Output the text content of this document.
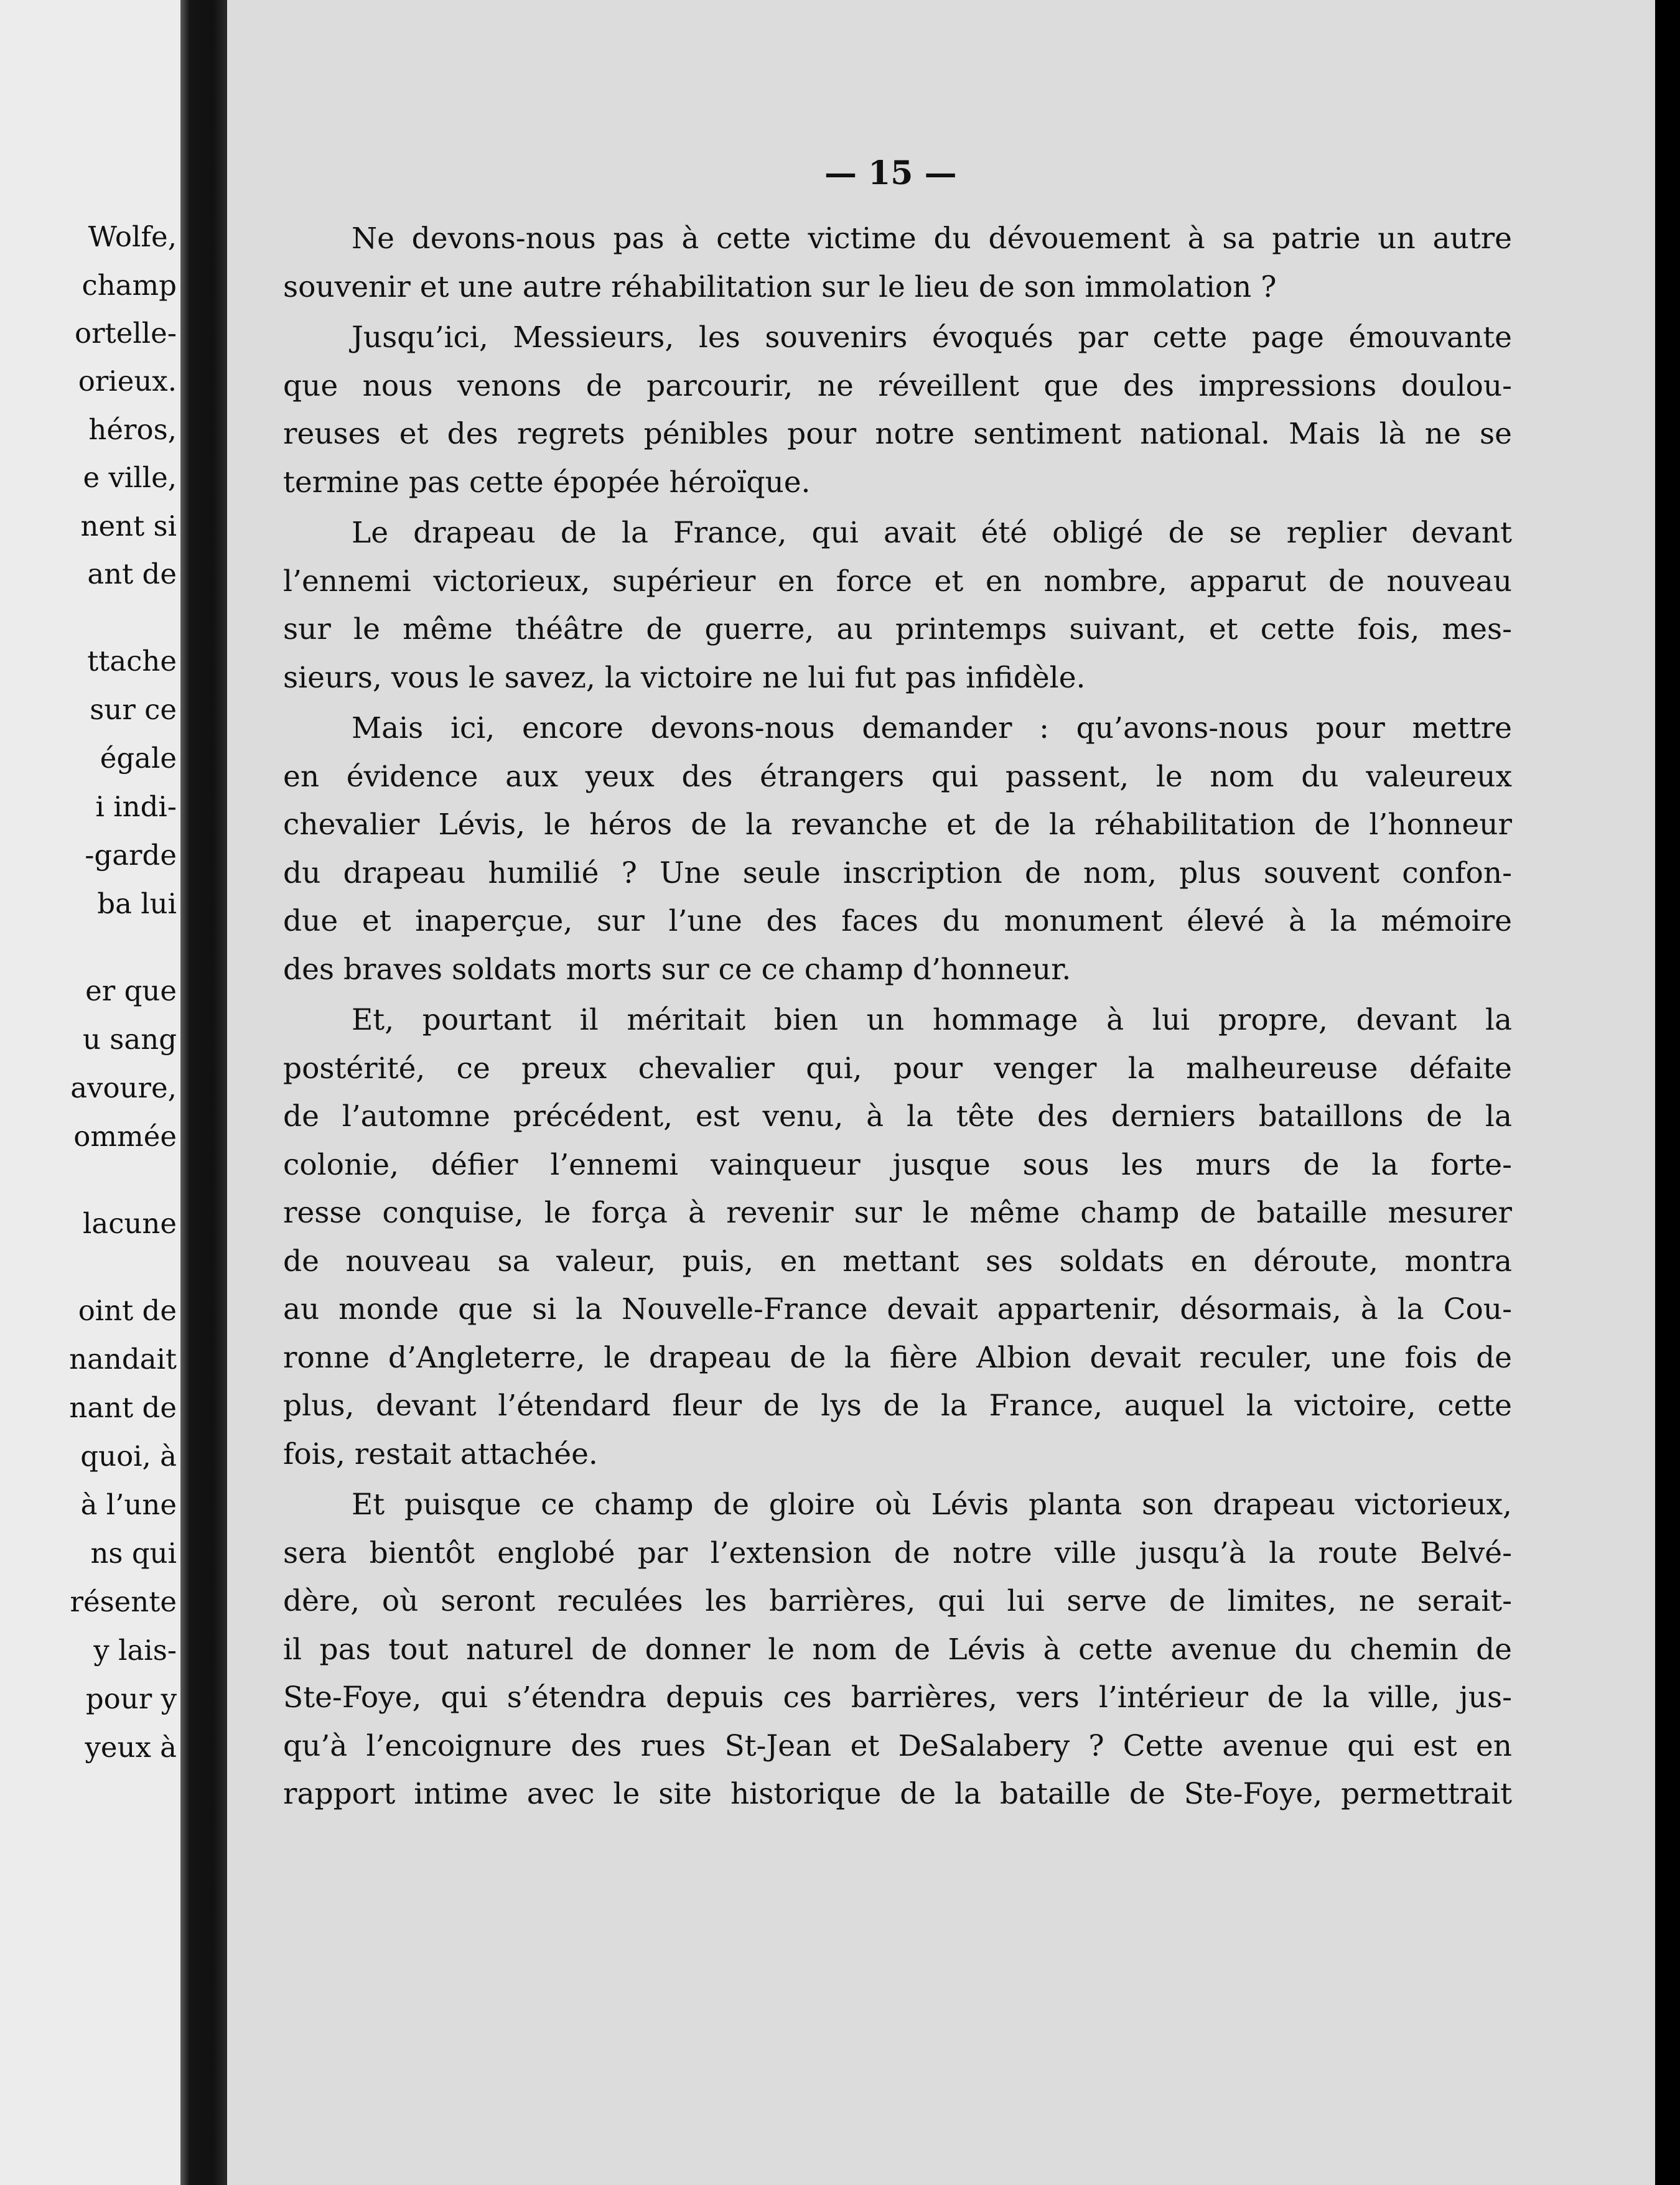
Wolfe,
champ
ortelle-
orieux.
héros,
e ville,
nent si
ant de
ttache
sur ce
égale
i indi-
-garde
ba lui
er que
u sang
avoure,
ommée
lacune
oint de
nandait
nant de
quoi, à
à l’une
ns qui
résente
y lais-
pour y
yeux à
— 15 —
Ne devons-nous pas à cette victime du dévouement à sa patrie un autre
souvenir et une autre réhabilitation sur le lieu de son immolation ?
Jusqu’ici, Messieurs, les souvenirs évoqués par cette page émouvante
que nous venons de parcourir, ne réveillent que des impressions doulou-
reuses et des regrets pénibles pour notre sentiment national. Mais là ne se
termine pas cette épopée héroïque.
Le drapeau de la France, qui avait été obligé de se replier devant
l’ennemi victorieux, supérieur en force et en nombre, apparut de nouveau
sur le même théâtre de guerre, au printemps suivant, et cette fois, mes-
sieurs, vous le savez, la victoire ne lui fut pas infidèle.
Mais ici, encore devons-nous demander : qu’avons-nous pour mettre
en évidence aux yeux des étrangers qui passent, le nom du valeureux
chevalier Lévis, le héros de la revanche et de la réhabilitation de l’honneur
du drapeau humilié ? Une seule inscription de nom, plus souvent confon-
due et inaperçue, sur l’une des faces du monument élevé à la mémoire
des braves soldats morts sur ce ce champ d’honneur.
Et, pourtant il méritait bien un hommage à lui propre, devant la
postérité, ce preux chevalier qui, pour venger la malheureuse défaite
de l’automne précédent, est venu, à la tête des derniers bataillons de la
colonie, défier l’ennemi vainqueur jusque sous les murs de la forte-
resse conquise, le força à revenir sur le même champ de bataille mesurer
de nouveau sa valeur, puis, en mettant ses soldats en déroute, montra
au monde que si la Nouvelle-France devait appartenir, désormais, à la Cou-
ronne d’Angleterre, le drapeau de la fière Albion devait reculer, une fois de
plus, devant l’étendard fleur de lys de la France, auquel la victoire, cette
fois, restait attachée.
Et puisque ce champ de gloire où Lévis planta son drapeau victorieux,
sera bientôt englobé par l’extension de notre ville jusqu’à la route Belvé-
dère, où seront reculées les barrières, qui lui serve de limites, ne serait-
il pas tout naturel de donner le nom de Lévis à cette avenue du chemin de
Ste-Foye, qui s’étendra depuis ces barrières, vers l’intérieur de la ville, jus-
qu’à l’encoignure des rues St-Jean et DeSalabery ? Cette avenue qui est en
rapport intime avec le site historique de la bataille de Ste-Foye, permettrait
